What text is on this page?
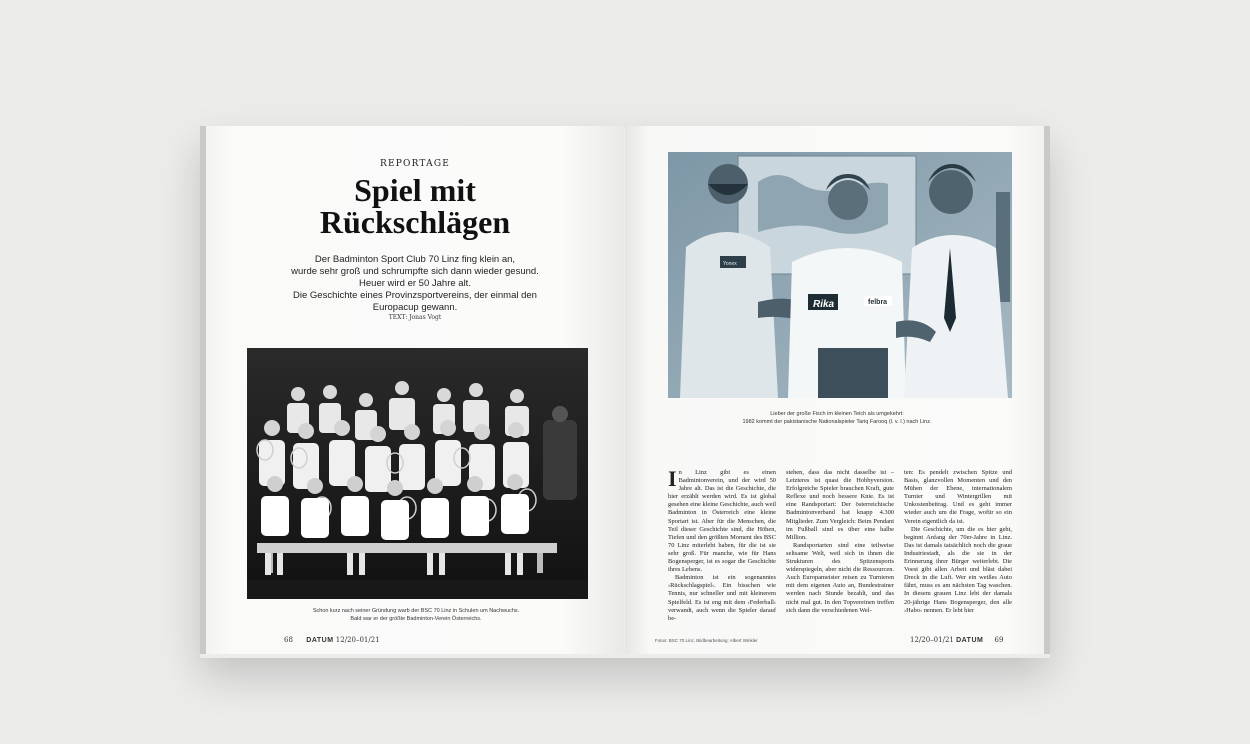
REPORTAGE
Spiel mit
Rückschlägen
Der Badminton Sport Club 70 Linz fing klein an,
wurde sehr groß und schrumpfte sich dann wieder gesund.
Heuer wird er 50 Jahre alt.
Die Geschichte eines Provinzsportvereins, der einmal den
Europacup gewann.
TEXT: Jonas Vogt
Schon kurz nach seiner Gründung warb der BSC 70 Linz in Schulen um Nachwuchs.
Bald war er der größte Badminton-Verein Österreichs.
68 DATUM 12/20–01/21
Rika	felbra
Yonex
Lieber der große Fisch im kleinen Teich als umgekehrt:
1982 kommt der pakistanische Nationalspieler Tariq Farooq (l. v. l.) nach Linz.

In Linz gibt es einen Badmintonverein, und der wird 50 Jahre alt. Das ist die Geschichte, die hier erzählt werden wird. Es ist global gesehen eine kleine Geschichte, auch weil Badminton in Österreich eine kleine Sportart ist. Aber für die Menschen, die Teil dieser Geschichte sind, die Höhen, Tiefen und den größten Moment des BSC 70 Linz miterlebt haben, für die ist sie sehr groß. Für manche, wie für Hans Bogensperger, ist es sogar die Geschichte ihres Lebens.

Badminton ist ein sogenanntes ›Rückschlagspiel‹. Ein bisschen wie Tennis, nur schneller und mit kleinerem Spielfeld. Es ist eng mit dem ›Federball‹ verwandt, auch wenn die Spieler darauf be-

stehen, dass das nicht dasselbe ist – Letzteres ist quasi die Hobbyversion. Erfolgreiche Spieler brauchen Kraft, gute Reflexe und noch bessere Knie. Es ist eine Randsportart: Der österreichische Badmintonverband hat knapp 4.300 Mitglieder. Zum Vergleich: Beim Pendant im Fußball sind es über eine halbe Million.

Randsportarten sind eine teilweise seltsame Welt, weil sich in ihnen die Strukturen des Spitzensports widerspiegeln, aber nicht die Ressourcen. Auch Europameister reisen zu Turnieren mit dem eigenen Auto an, Bundestrainer werden nach Stunde bezahlt, und das nicht mal gut. In den Topvereinen treffen sich dann die verschiedenen Wel-

ten: Es pendelt zwischen Spitze und Basis, glanzvollen Momenten und den Mühen der Ebene, internationalem Turnier und Wintergrillen mit Unkostenbeitrag. Und es geht immer wieder auch um die Frage, wofür so ein Verein eigentlich da ist.

Die Geschichte, um die es hier geht, beginnt Anfang der 70er-Jahre in Linz. Das ist damals tatsächlich noch die graue Industriestadt, als die sie in der Erinnerung ihrer Bürger weiterlebt. Die Voest gibt allen Arbeit und bläst dabei Dreck in die Luft. Wer ein weißes Auto fährt, muss es am nächsten Tag waschen. In diesem grauen Linz lebt der damals 20-jährige Hans Bogensperger, den alle ›Habo‹ nennen. Er lebt hier

Fotos: BSC 70 Linz, Bildbearbeitung: Albert Winkler	12/20–01/21 DATUM 69
